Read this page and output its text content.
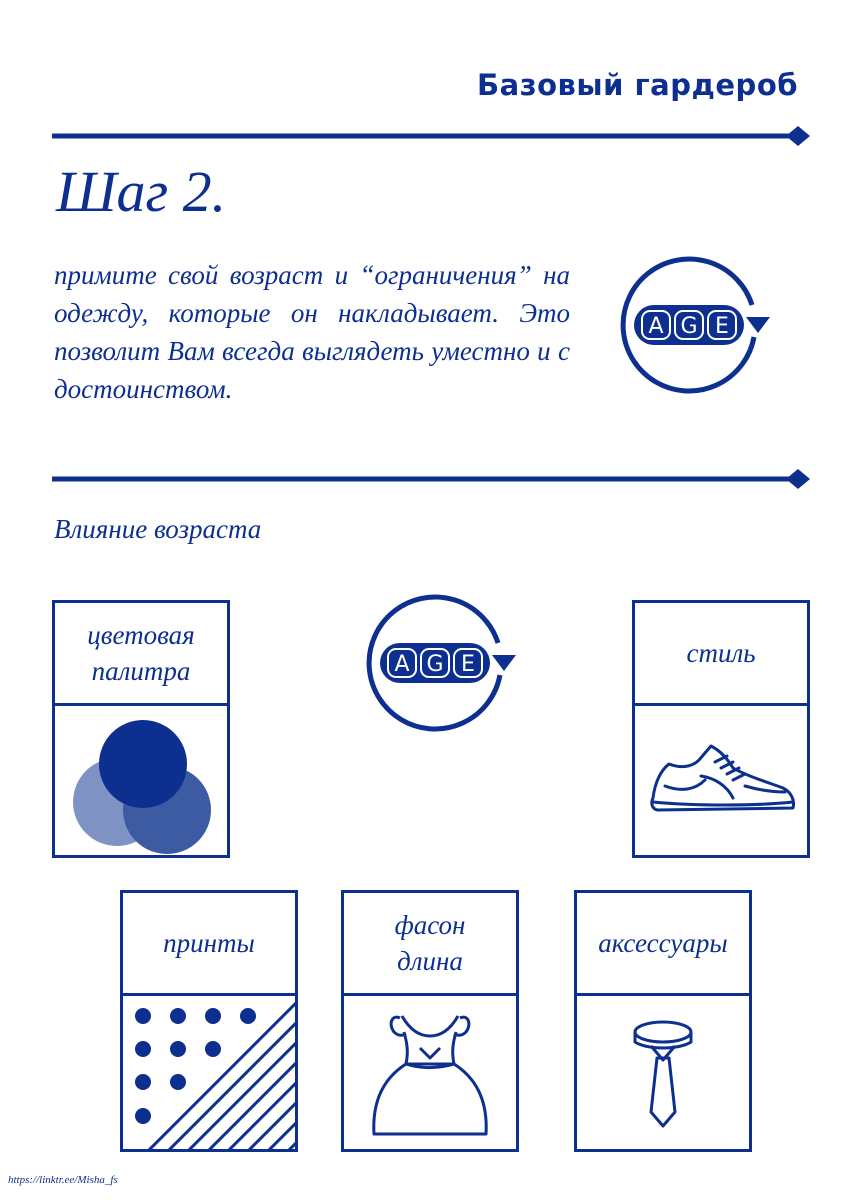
Базовый гардероб
Шаг 2.
примите свой возраст и “ограничения” на одежду, которые он накладывает. Это позволит Вам всегда выглядеть уместно и с достоинством.
A G E
Влияние возраста
A G E
цветовая
палитра
стиль
принты
фасон
длина
аксессуары
https://linktr.ee/Misha_fs
